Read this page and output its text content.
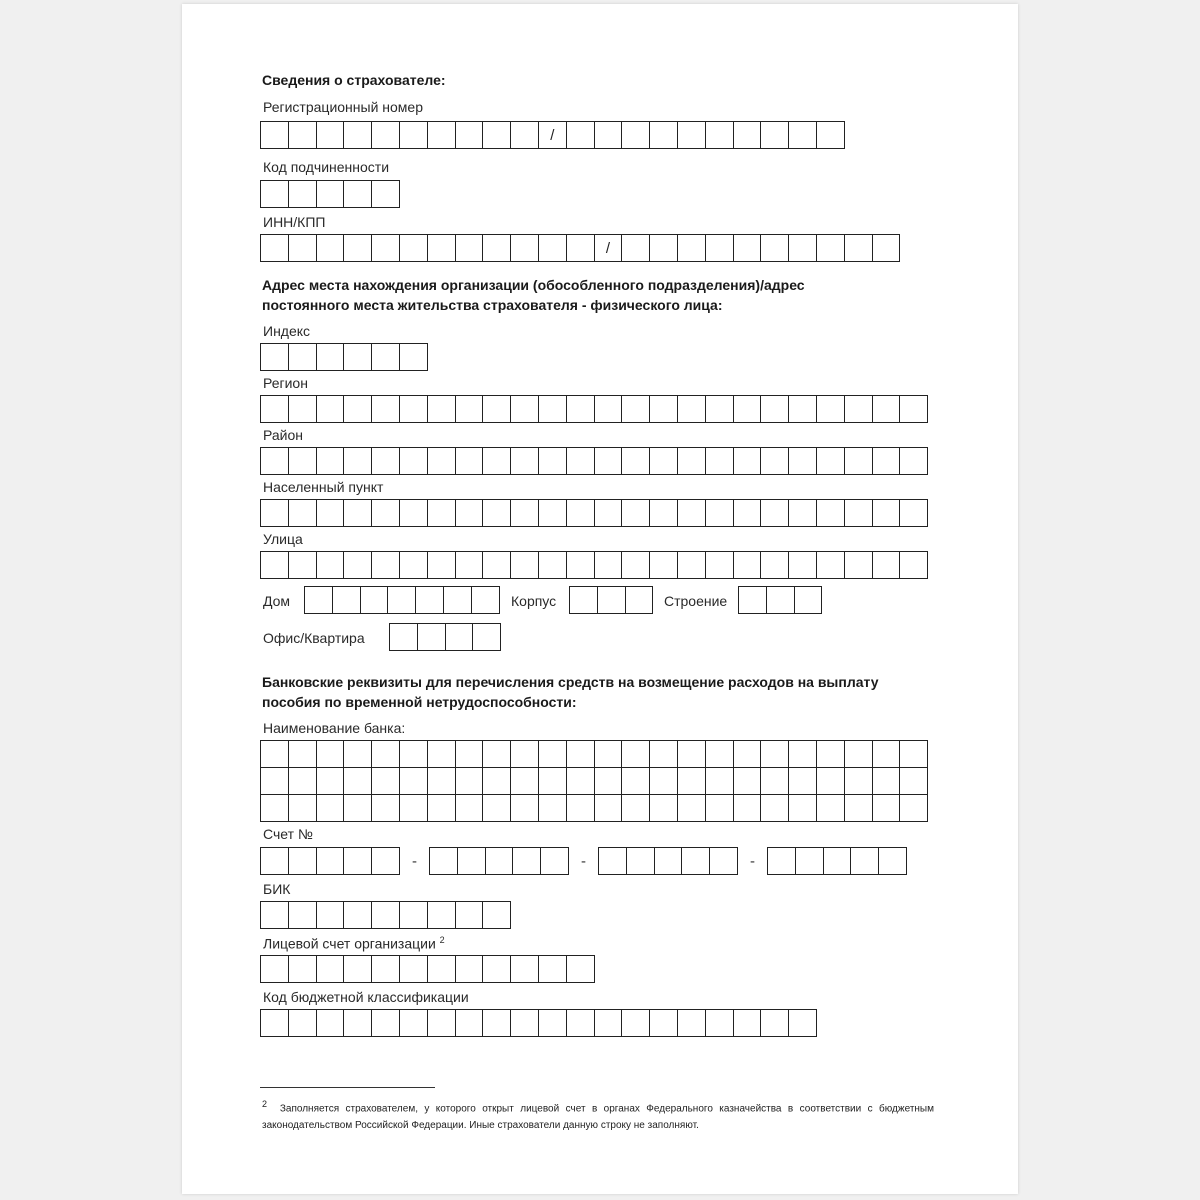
Сведения о страхователе:
Регистрационный номер
/
Код подчиненности
ИНН/КПП
/
Адрес места нахождения организации (обособленного подразделения)/адрес
постоянного места жительства страхователя - физического лица:
Индекс
Регион
Район
Населенный пункт
Улица
Дом	Корпус	Строение
Офис/Квартира
Банковские реквизиты для перечисления средств на возмещение расходов на выплату
пособия по временной нетрудоспособности:
Наименование банка:
Счет №
-	-	-
БИК
Лицевой счет организации $^2$
Код бюджетной классификации
$^2$ Заполняется страхователем, у которого открыт лицевой счет в органах Федерального казначейства в соответствии с бюджетным законодательством Российской Федерации. Иные страхователи данную строку не заполняют.
